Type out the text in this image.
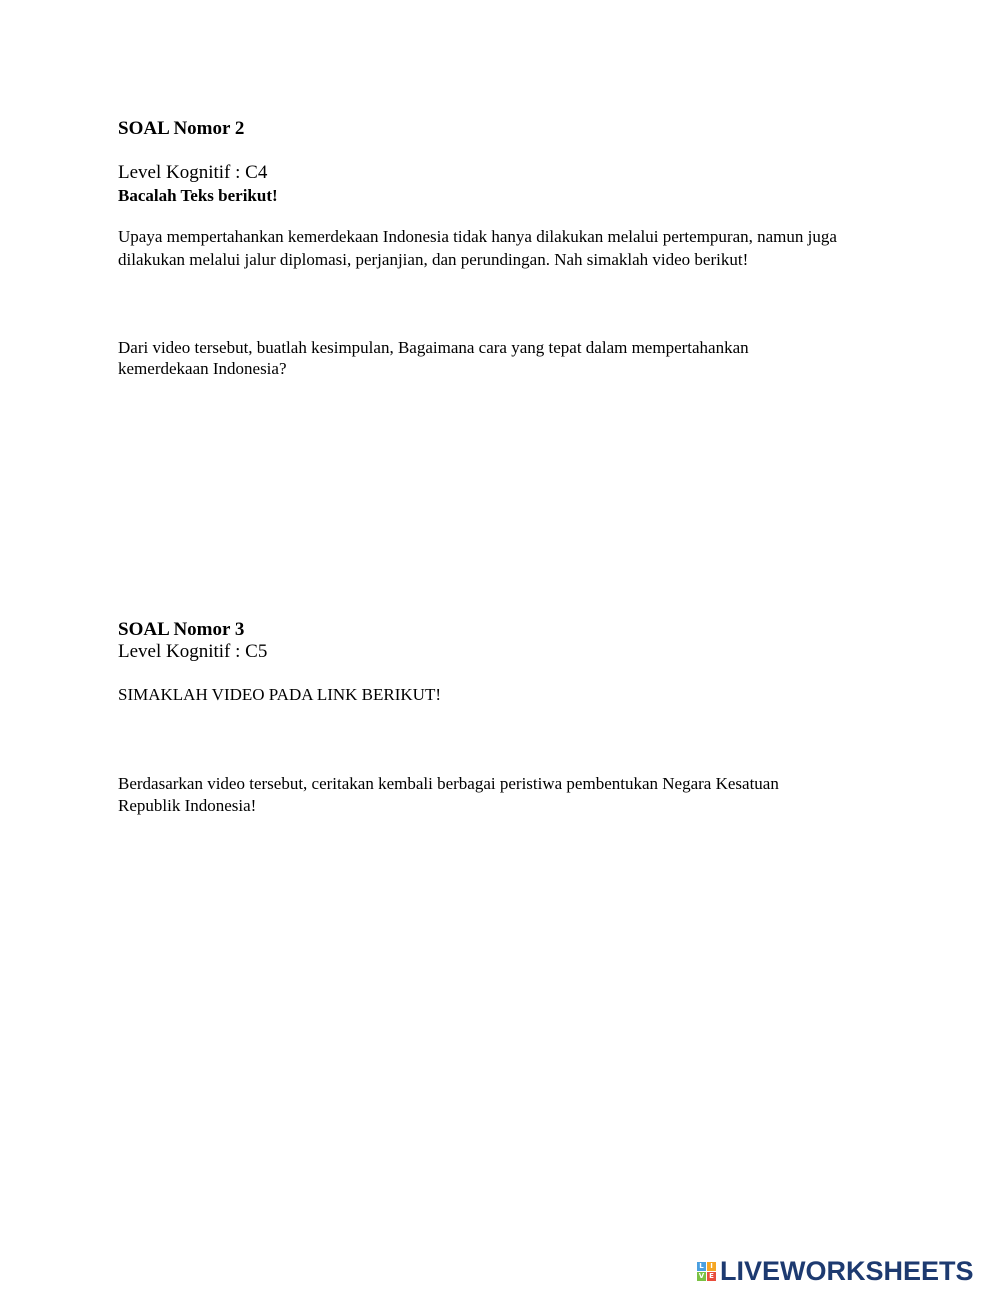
SOAL Nomor 2
Level Kognitif : C4
Bacalah Teks berikut!
Upaya mempertahankan kemerdekaan Indonesia tidak hanya dilakukan melalui pertempuran, namun juga
dilakukan melalui jalur diplomasi, perjanjian, dan perundingan. Nah simaklah video berikut!
Dari video tersebut, buatlah kesimpulan, Bagaimana cara yang tepat dalam mempertahankan
kemerdekaan Indonesia?
SOAL Nomor 3
Level Kognitif : C5
SIMAKLAH VIDEO PADA LINK BERIKUT!
Berdasarkan video tersebut, ceritakan kembali berbagai peristiwa pembentukan Negara Kesatuan
Republik Indonesia!
L I
V E LIVEWORKSHEETS
